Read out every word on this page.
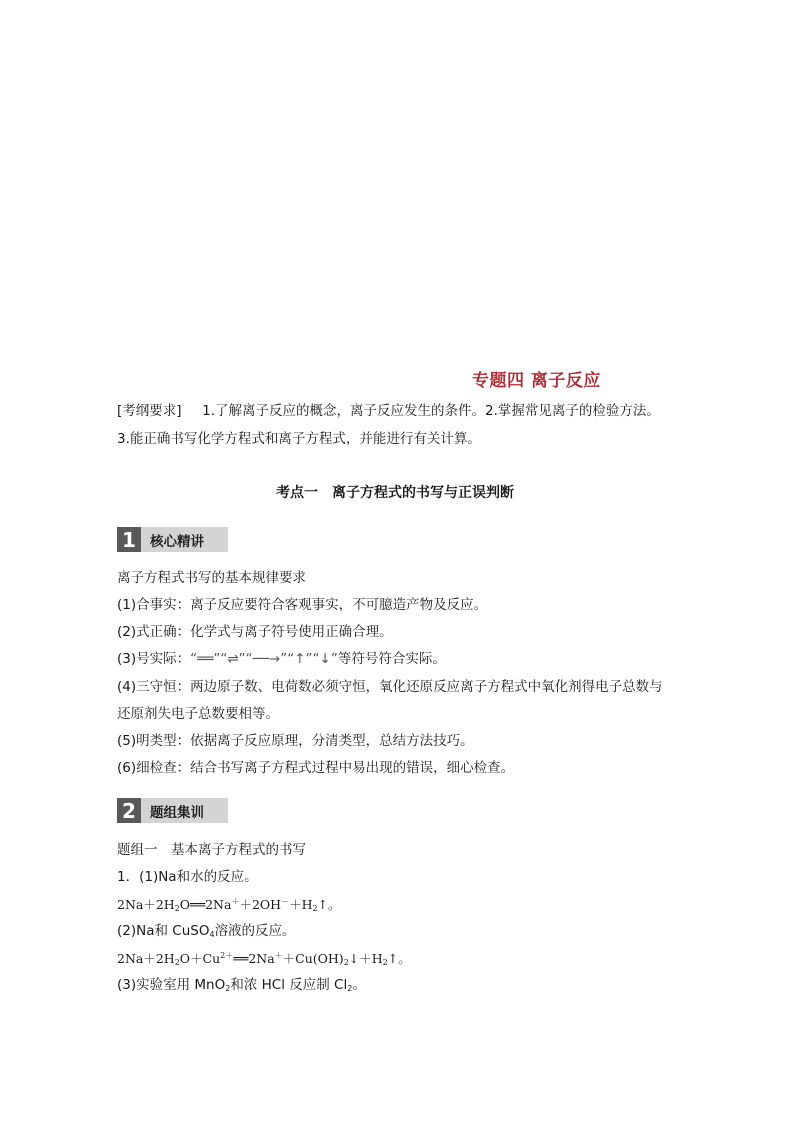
专题四 离子反应
[考纲要求] 1.了解离子反应的概念，离子反应发生的条件。2.掌握常见离子的检验方法。
3.能正确书写化学方程式和离子方程式，并能进行有关计算。
考点一　离子方程式的书写与正误判断
1	核心精讲
离子方程式书写的基本规律要求
(1)合事实：离子反应要符合客观事实，不可臆造产物及反应。
(2)式正确：化学式与离子符号使用正确合理。
(3)号实际：“══”“⇌”“──→”“↑”“↓”等符号符合实际。
(4)三守恒：两边原子数、电荷数必须守恒，氧化还原反应离子方程式中氧化剂得电子总数与
还原剂失电子总数要相等。
(5)明类型：依据离子反应原理，分清类型，总结方法技巧。
(6)细检查：结合书写离子方程式过程中易出现的错误，细心检查。
2	题组集训
题组一　基本离子方程式的书写
1．(1)Na和水的反应。
$2Na+2H_2O══2Na^++2OH^-+H_2↑$。
(2)Na和 CuSO$_4$溶液的反应。
$2Na+2H_2O+Cu^{2+}══2Na^++Cu(OH)_2↓+H_2↑$。
(3)实验室用 MnO$_2$和浓 HCl 反应制 $Cl_2$。
